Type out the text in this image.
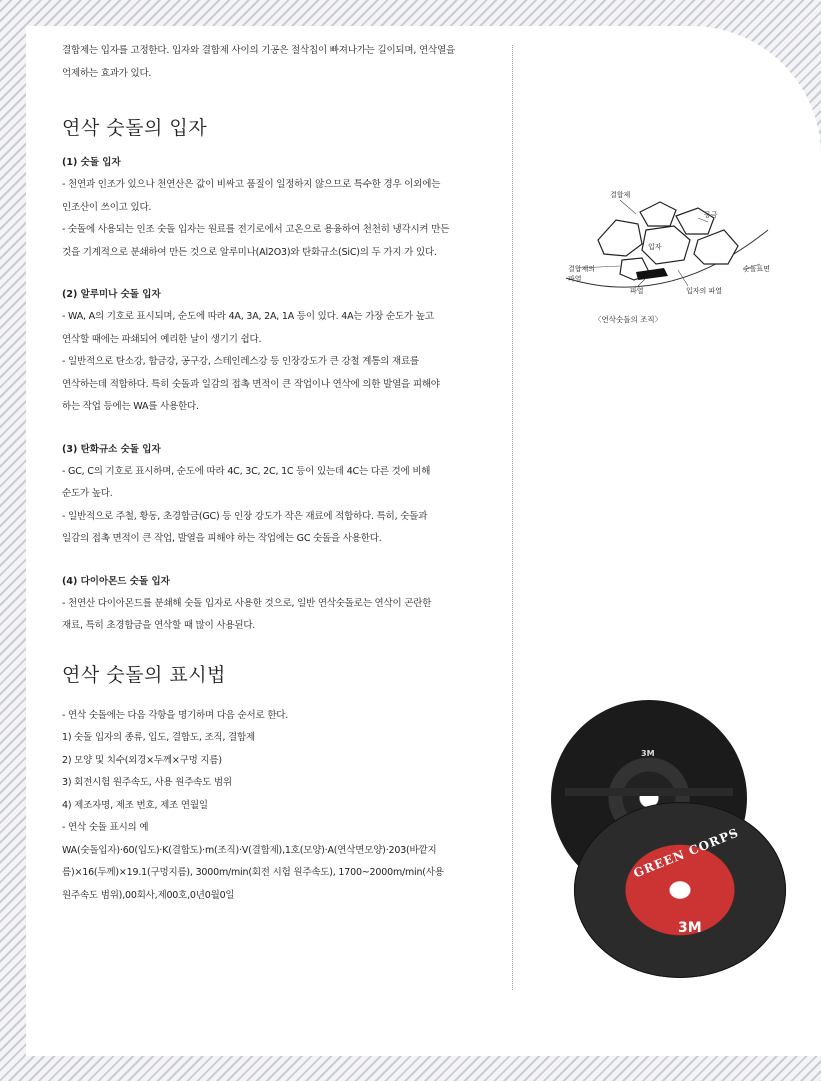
결합제는 입자를 고정한다. 입자와 결합제 사이의 기공은 절삭칩이 빠져나가는 길이되며, 연삭열을

억제하는 효과가 있다.

연삭 숫돌의 입자
(1) 숫돌 입자

- 천연과 인조가 있으나 천연산은 값이 비싸고 품질이 일정하지 않으므로 특수한 경우 이외에는

인조산이 쓰이고 있다.

- 숫돌에 사용되는 인조 숫돌 입자는 원료를 전기로에서 고온으로 용융하여 천천히 냉각시켜 만든

것을 기계적으로 분쇄하여 만든 것으로 알루미나(Al2O3)와 탄화규소(SiC)의 두 가지 가 있다.

(2) 알루미나 숫돌 입자

- WA, A의 기호로 표시되며, 순도에 따라 4A, 3A, 2A, 1A 등이 있다. 4A는 가장 순도가 높고

연삭할 때에는 파쇄되어 예리한 날이 생기기 쉽다.

- 일반적으로 탄소강, 합금강, 공구강, 스테인레스강 등 인장강도가 큰 강철 계통의 재료를

연삭하는데 적합하다. 특히 숫돌과 일감의 접촉 면적이 큰 작업이나 연삭에 의한 발열을 피해야

하는 작업 등에는 WA를 사용한다.

(3) 탄화규소 숫돌 입자

- GC, C의 기호로 표시하며, 순도에 따라 4C, 3C, 2C, 1C 등이 있는데 4C는 다른 것에 비해

순도가 높다.

- 일반적으로 주철, 황동, 초경합금(GC) 등 인장 강도가 작은 재료에 적합하다. 특히, 숫돌과

일감의 접촉 면적이 큰 작업, 발열을 피해야 하는 작업에는 GC 숫돌을 사용한다.

(4) 다이아몬드 숫돌 입자

- 천연산 다이아몬드를 분쇄해 숫돌 입자로 사용한 것으로, 일반 연삭숫돌로는 연삭이 곤란한

재료, 특히 초경합금을 연삭할 때 많이 사용된다.

연삭 숫돌의 표시법

- 연삭 숫돌에는 다음 각항을 명기하며 다음 순서로 한다.

1) 숫돌 입자의 종류, 입도, 결합도, 조직, 결합제

2) 모양 및 치수(외경×두께×구멍 지름)

3) 회전시험 원주속도, 사용 원주속도 범위

4) 제조자명, 제조 번호, 제조 연월일

- 연삭 숫돌 표시의 예

WA(숫돌입자)·60(입도)·K(결합도)·m(조직)·V(결합제),1호(모양)·A(연삭면모양)·203(바깥지

름)×16(두께)×19.1(구멍지름), 3000m/min(회전 시험 원주속도), 1700~2000m/min(사용

원주속도 범위),00회사,제00호,0년0월0일

결합제
공극
입자
결합제의
파열
숫돌표면
파열	입자의 파열
〈연삭숫돌의 조직〉
3M
GREEN CORPS
3M
